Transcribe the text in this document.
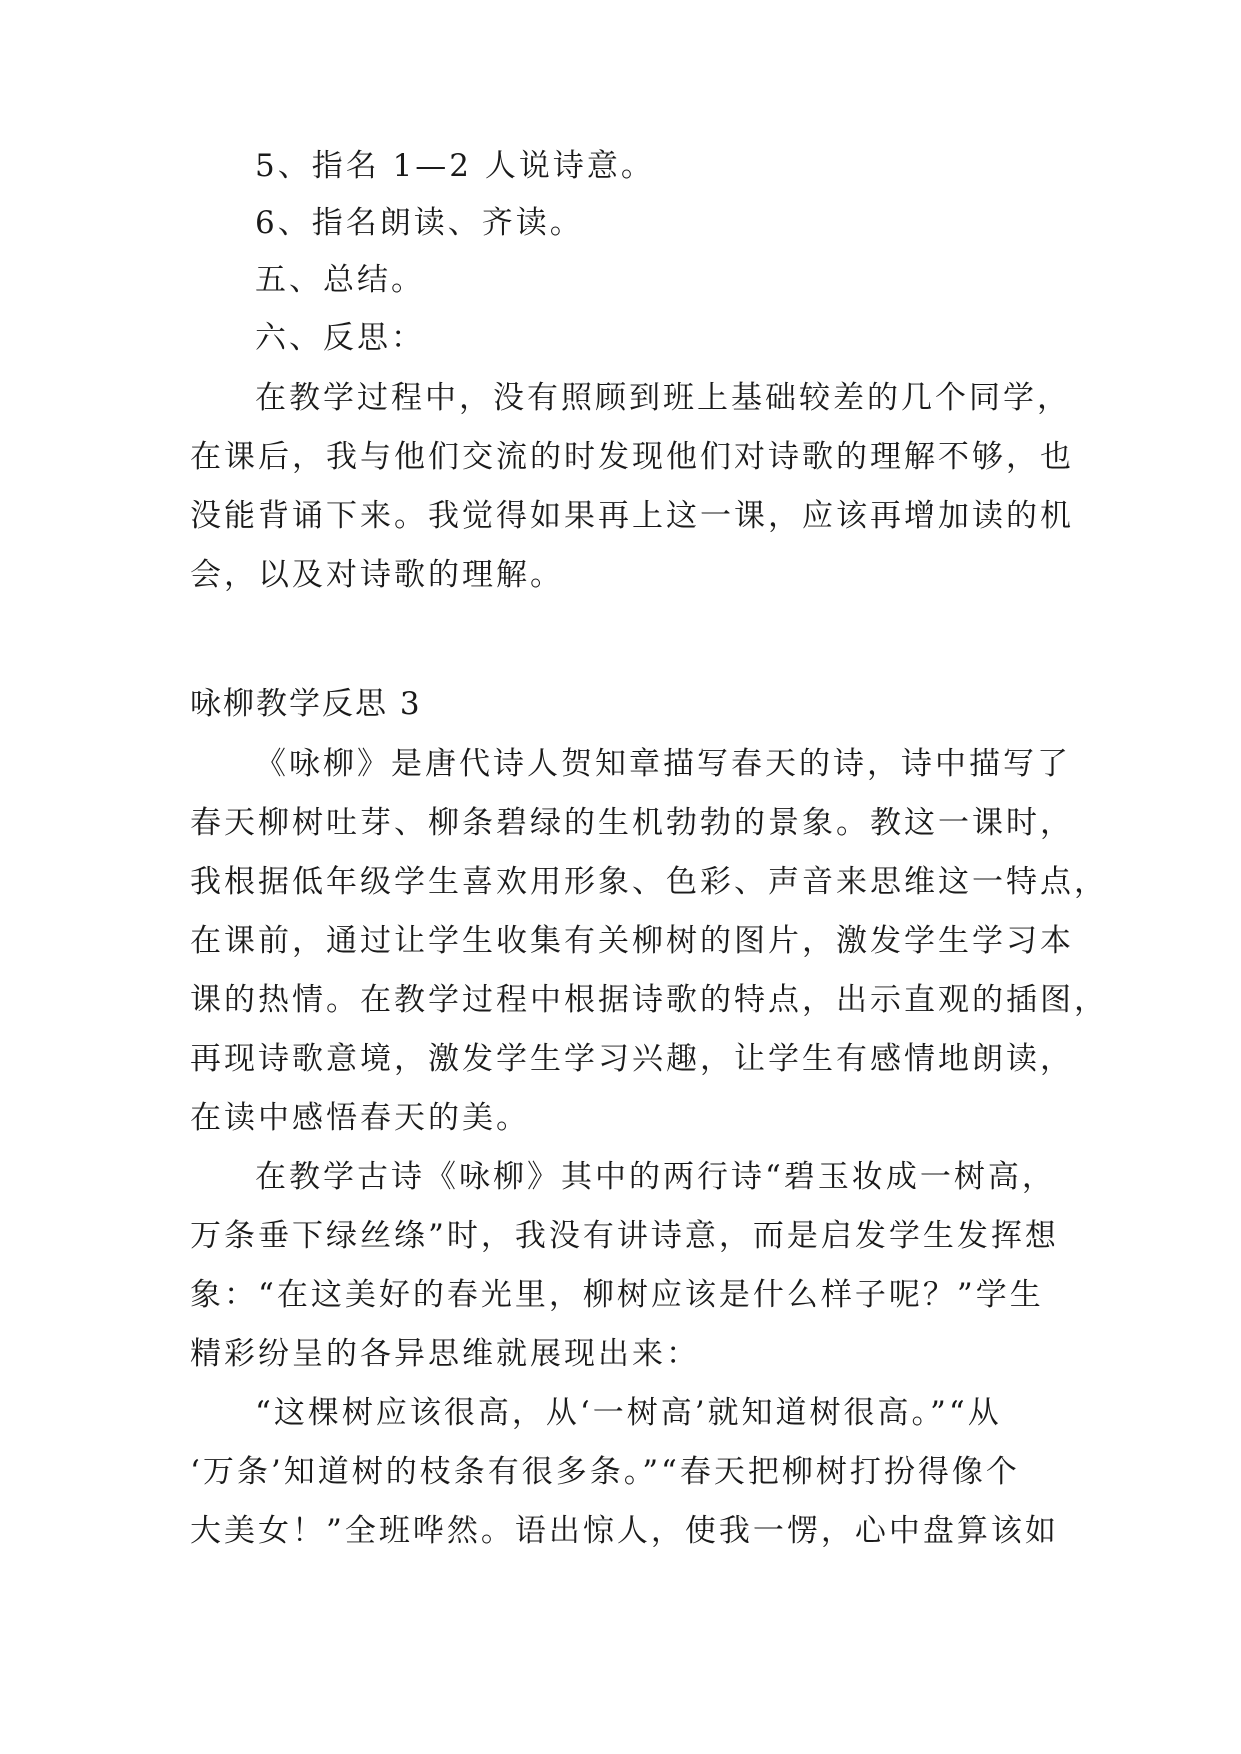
5、指名 1—2 人说诗意。
6、指名朗读、齐读。
五、总结。
六、反思：
在教学过程中，没有照顾到班上基础较差的几个同学，
在课后，我与他们交流的时发现他们对诗歌的理解不够，也
没能背诵下来。我觉得如果再上这一课，应该再增加读的机
会，以及对诗歌的理解。
咏柳教学反思 3
《咏柳》是唐代诗人贺知章描写春天的诗，诗中描写了
春天柳树吐芽、柳条碧绿的生机勃勃的景象。教这一课时，
我根据低年级学生喜欢用形象、色彩、声音来思维这一特点，
在课前，通过让学生收集有关柳树的图片，激发学生学习本
课的热情。在教学过程中根据诗歌的特点，出示直观的插图，
再现诗歌意境，激发学生学习兴趣，让学生有感情地朗读，
在读中感悟春天的美。
在教学古诗《咏柳》其中的两行诗“碧玉妆成一树高，
万条垂下绿丝绦”时，我没有讲诗意，而是启发学生发挥想
象：“在这美好的春光里，柳树应该是什么样子呢？”学生
精彩纷呈的各异思维就展现出来：
“这棵树应该很高，从‘一树高’就知道树很高。”“从
‘万条’知道树的枝条有很多条。”“春天把柳树打扮得像个
大美女！”全班哗然。语出惊人，使我一愣，心中盘算该如
